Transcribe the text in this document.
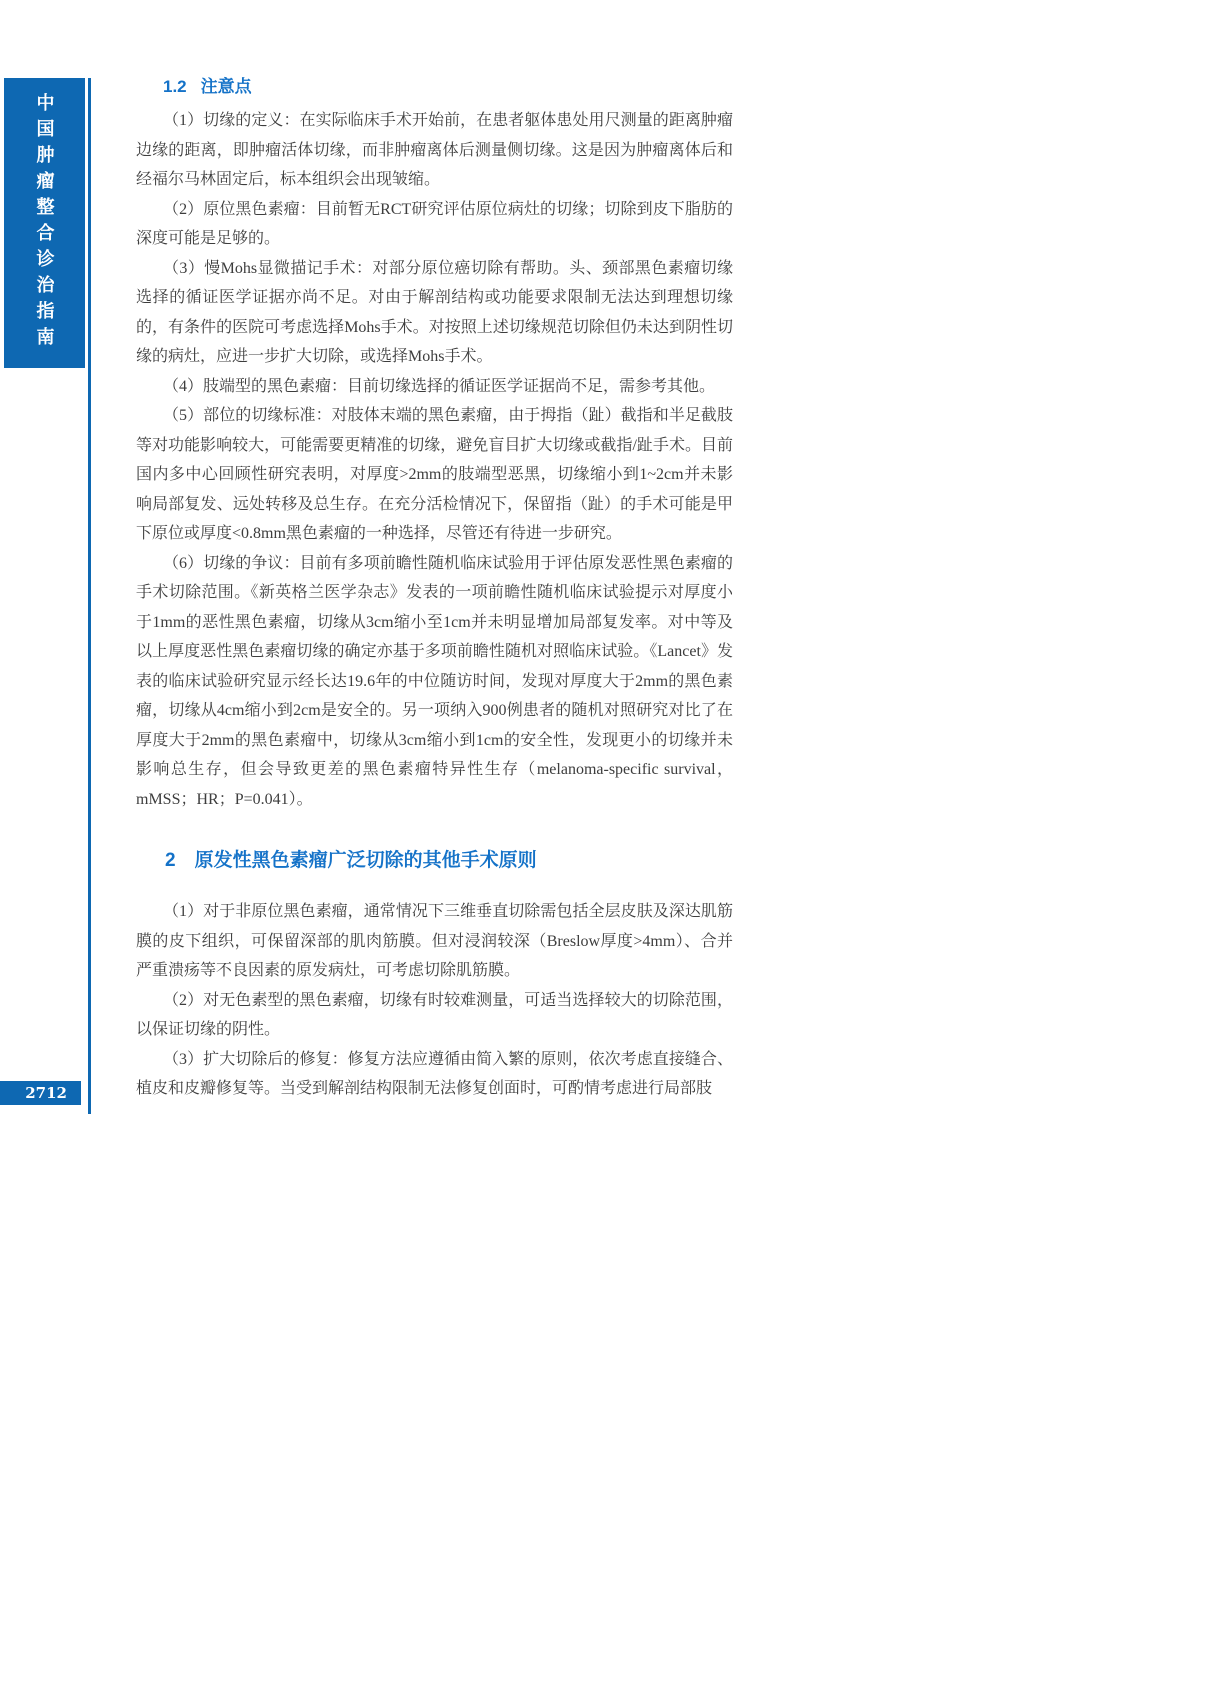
中国肿瘤整合诊治指南
2712
1.2 注意点

（1）切缘的定义：在实际临床手术开始前，在患者躯体患处用尺测量的距离肿瘤边缘的距离，即肿瘤活体切缘，而非肿瘤离体后测量侧切缘。这是因为肿瘤离体后和经福尔马林固定后，标本组织会出现皱缩。

（2）原位黑色素瘤：目前暂无RCT研究评估原位病灶的切缘；切除到皮下脂肪的深度可能是足够的。

（3）慢Mohs显微描记手术：对部分原位癌切除有帮助。头、颈部黑色素瘤切缘选择的循证医学证据亦尚不足。对由于解剖结构或功能要求限制无法达到理想切缘的，有条件的医院可考虑选择Mohs手术。对按照上述切缘规范切除但仍未达到阴性切缘的病灶，应进一步扩大切除，或选择Mohs手术。

（4）肢端型的黑色素瘤：目前切缘选择的循证医学证据尚不足，需参考其他。

（5）部位的切缘标准：对肢体末端的黑色素瘤，由于拇指（趾）截指和半足截肢等对功能影响较大，可能需要更精准的切缘，避免盲目扩大切缘或截指/趾手术。目前国内多中心回顾性研究表明，对厚度>2mm的肢端型恶黑，切缘缩小到1~2cm并未影响局部复发、远处转移及总生存。在充分活检情况下，保留指（趾）的手术可能是甲下原位或厚度<0.8mm黑色素瘤的一种选择，尽管还有待进一步研究。

（6）切缘的争议：目前有多项前瞻性随机临床试验用于评估原发恶性黑色素瘤的手术切除范围。《新英格兰医学杂志》发表的一项前瞻性随机临床试验提示对厚度小于1mm的恶性黑色素瘤，切缘从3cm缩小至1cm并未明显增加局部复发率。对中等及以上厚度恶性黑色素瘤切缘的确定亦基于多项前瞻性随机对照临床试验。《Lancet》发表的临床试验研究显示经长达19.6年的中位随访时间，发现对厚度大于2mm的黑色素瘤，切缘从4cm缩小到2cm是安全的。另一项纳入900例患者的随机对照研究对比了在厚度大于2mm的黑色素瘤中，切缘从3cm缩小到1cm的安全性，发现更小的切缘并未影响总生存，但会导致更差的黑色素瘤特异性生存（melanoma-specific survival，mMSS；HR；P=0.041）。

2 原发性黑色素瘤广泛切除的其他手术原则

（1）对于非原位黑色素瘤，通常情况下三维垂直切除需包括全层皮肤及深达肌筋膜的皮下组织，可保留深部的肌肉筋膜。但对浸润较深（Breslow厚度>4mm）、合并严重溃疡等不良因素的原发病灶，可考虑切除肌筋膜。

（2）对无色素型的黑色素瘤，切缘有时较难测量，可适当选择较大的切除范围，以保证切缘的阴性。

（3）扩大切除后的修复：修复方法应遵循由简入繁的原则，依次考虑直接缝合、植皮和皮瓣修复等。当受到解剖结构限制无法修复创面时，可酌情考虑进行局部肢
